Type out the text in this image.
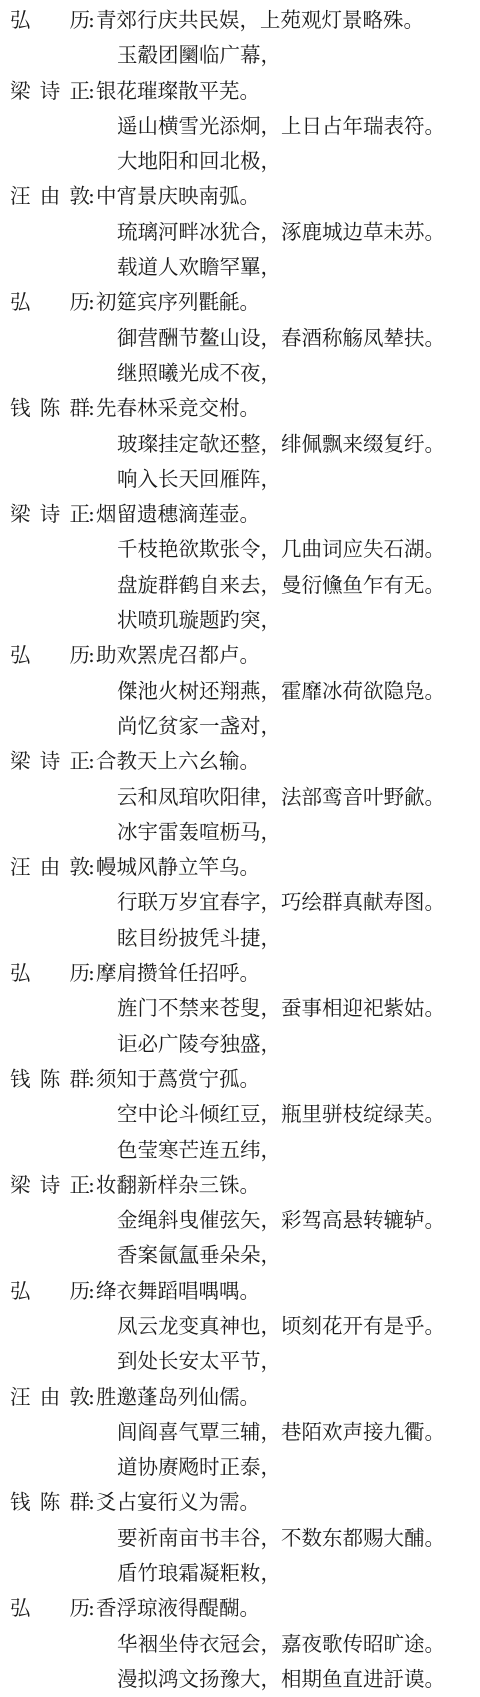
弘 历
: 青郊行庆共民娱，上苑观灯景略殊。
玉觳团圞临广幕，
梁 诗 正
: 银花璀璨散平芜。
遥山横雪光添炯，上日占年瑞表符。
大地阳和回北极，
汪 由 敦
: 中宵景庆映南弧。
琉璃河畔冰犹合，涿鹿城边草未苏。
载道人欢瞻罕罼，
弘 历
: 初筵宾序列氍毹。
御营酬节鳌山设，春酒称觞凤辇扶。
继照曦光成不夜，
钱 陈 群
: 先春林采竞交柎。
玻璨挂定欹还整，绯佩飘来缀复纡。
响入长天回雁阵，
梁 诗 正
: 烟留遗穗滴莲壶。
千枝艳欲欺张令，几曲词应失石湖。
盘旋群鹤自来去，曼衍儵鱼乍有无。
状喷玑璇题趵突，
弘 历
: 助欢罴虎召都卢。
傑池火树还翔燕，霍靡冰荷欲隐凫。
尚忆贫家一盏对，
梁 诗 正
: 合教天上六幺输。
云和凤琯吹阳律，法部鸾音叶野歈。
冰宇雷轰喧枥马，
汪 由 敦
: 幔城风静立竿乌。
行联万岁宜春字，巧绘群真献寿图。
眩目纷披凭斗捷，
弘 历
: 摩肩攒耸任招呼。
旌门不禁来苍叟，蚕事相迎祀紫姑。
讵必广陵夸独盛，
钱 陈 群
: 须知于蔿赏宁孤。
空中论斗倾红豆，瓶里骈枝绽绿芙。
色莹寒芒连五纬，
梁 诗 正
: 妆翻新样杂三铢。
金绳斜曳催弦矢，彩驾高悬转辘轳。
香案氤氲垂朵朵，
弘 历
: 绛衣舞蹈唱喁喁。
凤云龙变真神也，顷刻花开有是乎。
到处长安太平节，
汪 由 敦
: 胜邀蓬岛列仙儒。
闾阎喜气覃三辅，巷陌欢声接九衢。
道协赓飏时正泰，
钱 陈 群
: 爻占宴衎义为需。
要祈南亩书丰谷，不数东都赐大酺。
盾竹琅霜凝粔籹，
弘 历
: 香浮琼液得醍醐。
华裀坐侍衣冠会，嘉夜歌传昭旷途。
漫拟鸿文扬豫大，相期鱼直进訏谟。
